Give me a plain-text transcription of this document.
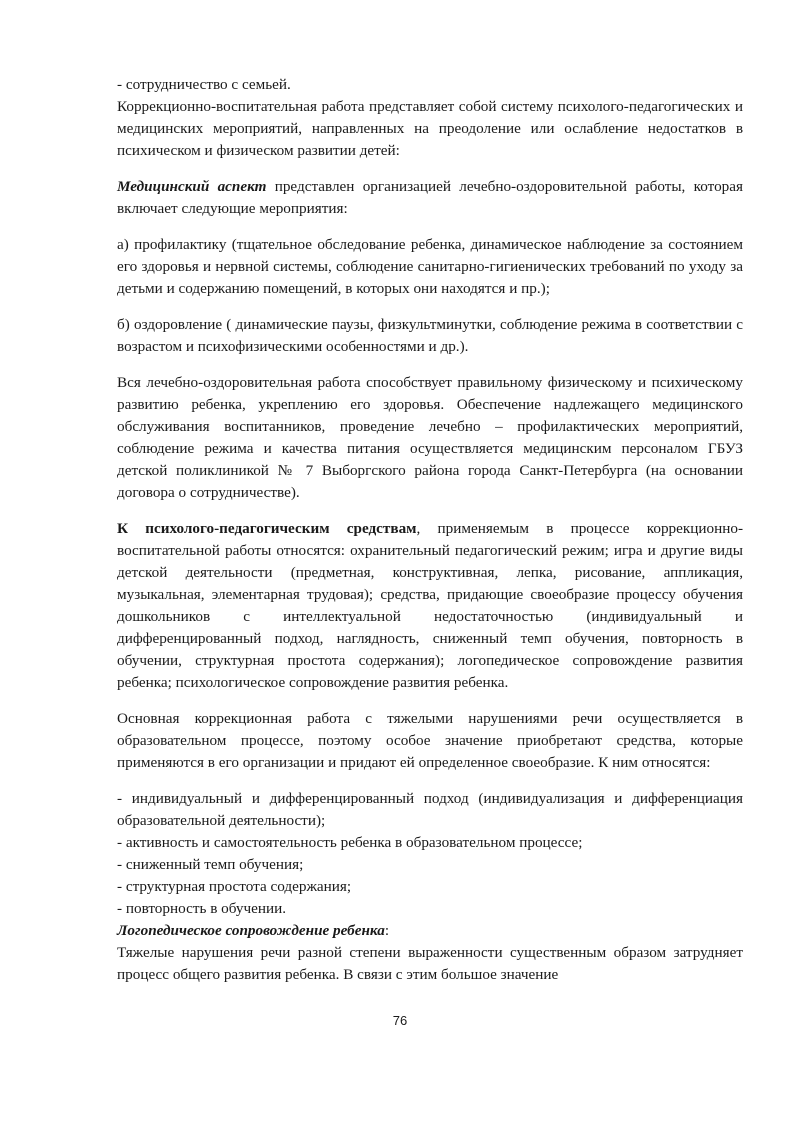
- сотрудничество с семьей.

Коррекционно-воспитательная работа представляет собой систему психолого-педагогических и медицинских мероприятий, направленных на преодоление или ослабление недостатков в психическом и физическом развитии детей:

Медицинский аспект представлен организацией лечебно-оздоровительной работы, которая включает следующие мероприятия:

а) профилактику (тщательное обследование ребенка, динамическое наблюдение за состоянием его здоровья и нервной системы, соблюдение санитарно-гигиенических требований по уходу за детьми и содержанию помещений, в которых они находятся и пр.);

б) оздоровление ( динамические паузы, физкультминутки, соблюдение режима в соответствии с возрастом и психофизическими особенностями и др.).

Вся лечебно-оздоровительная работа способствует правильному физическому и психическому развитию ребенка, укреплению его здоровья. Обеспечение надлежащего медицинского обслуживания воспитанников, проведение лечебно – профилактических мероприятий, соблюдение режима и качества питания осуществляется медицинским персоналом ГБУЗ детской поликлиникой № 7 Выборгского района города Санкт-Петербурга (на основании договора о сотрудничестве).

К психолого-педагогическим средствам, применяемым в процессе коррекционно-воспитательной работы относятся: охранительный педагогический режим; игра и другие виды детской деятельности (предметная, конструктивная, лепка, рисование, аппликация, музыкальная, элементарная трудовая); средства, придающие своеобразие процессу обучения дошкольников с интеллектуальной недостаточностью (индивидуальный и дифференцированный подход, наглядность, сниженный темп обучения, повторность в обучении, структурная простота содержания); логопедическое сопровождение развития ребенка; психологическое сопровождение развития ребенка.

Основная коррекционная работа с тяжелыми нарушениями речи осуществляется в образовательном процессе, поэтому особое значение приобретают средства, которые применяются в его организации и придают ей определенное своеобразие. К ним относятся:

- индивидуальный и дифференцированный подход (индивидуализация и дифференциация образовательной деятельности);

- активность и самостоятельность ребенка в образовательном процессе;

- сниженный темп обучения;

- структурная простота содержания;

- повторность в обучении.

Логопедическое сопровождение ребенка:

Тяжелые нарушения речи разной степени выраженности существенным образом затрудняет процесс общего развития ребенка. В связи с этим большое значение

76
